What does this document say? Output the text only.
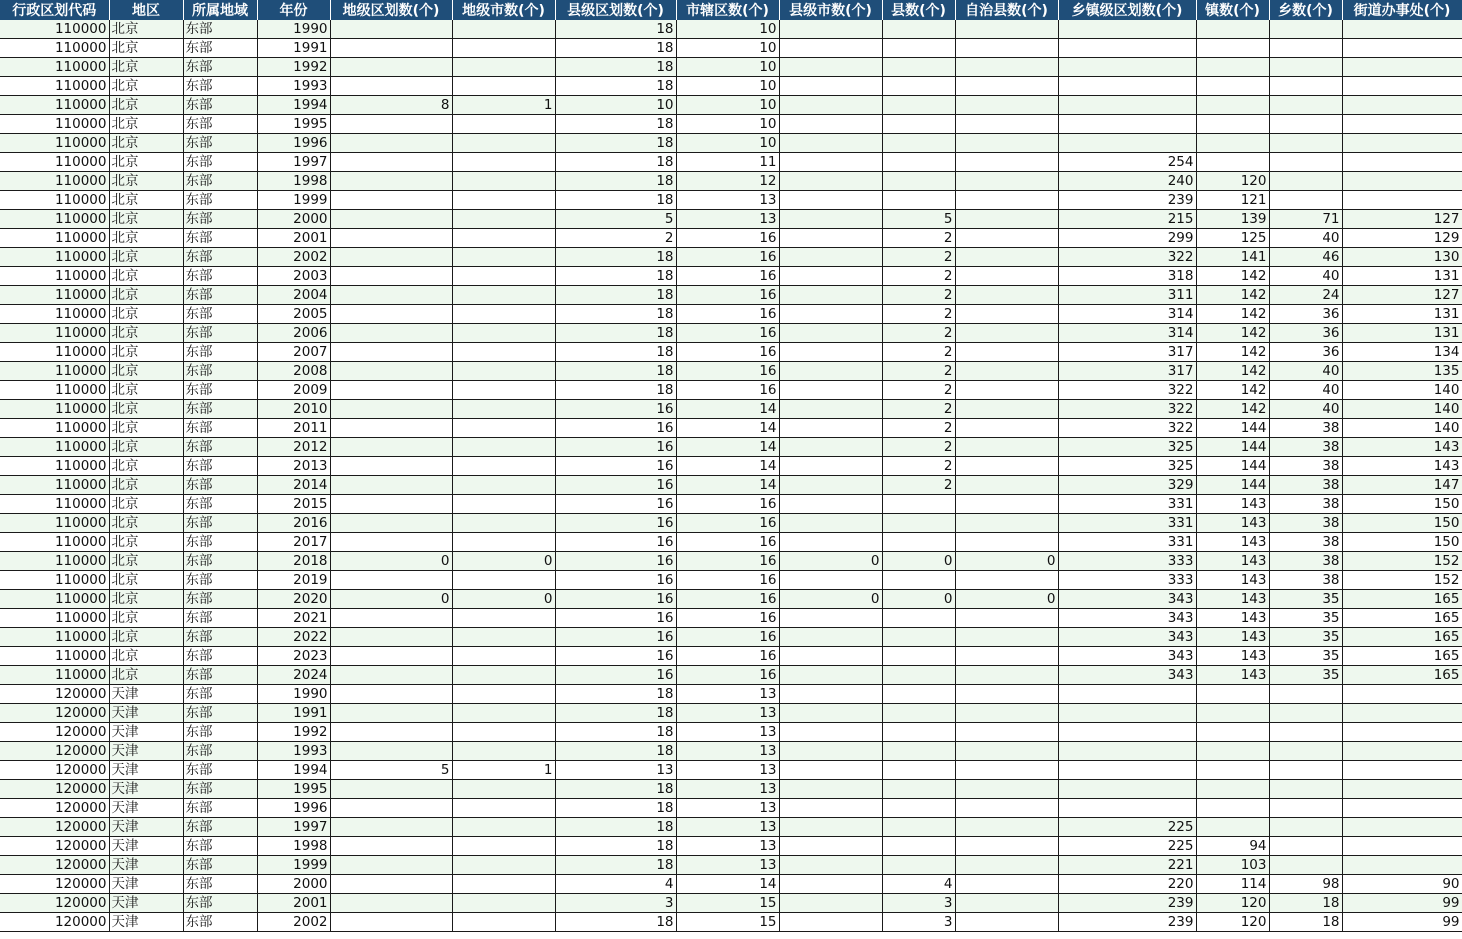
行政区划代码	地区	所属地域	年份	地级区划数(个)	地级市数(个)	县级区划数(个)	市辖区数(个)	县级市数(个)	县数(个)	自治县数(个)	乡镇级区划数(个)	镇数(个)	乡数(个)	街道办事处(个)
110000	北京	东部	1990			18	10							
110000	北京	东部	1991			18	10							
110000	北京	东部	1992			18	10							
110000	北京	东部	1993			18	10							
110000	北京	东部	1994	8	1	10	10							
110000	北京	东部	1995			18	10							
110000	北京	东部	1996			18	10							
110000	北京	东部	1997			18	11				254			
110000	北京	东部	1998			18	12				240	120		
110000	北京	东部	1999			18	13				239	121		
110000	北京	东部	2000			5	13		5		215	139	71	127
110000	北京	东部	2001			2	16		2		299	125	40	129
110000	北京	东部	2002			18	16		2		322	141	46	130
110000	北京	东部	2003			18	16		2		318	142	40	131
110000	北京	东部	2004			18	16		2		311	142	24	127
110000	北京	东部	2005			18	16		2		314	142	36	131
110000	北京	东部	2006			18	16		2		314	142	36	131
110000	北京	东部	2007			18	16		2		317	142	36	134
110000	北京	东部	2008			18	16		2		317	142	40	135
110000	北京	东部	2009			18	16		2		322	142	40	140
110000	北京	东部	2010			16	14		2		322	142	40	140
110000	北京	东部	2011			16	14		2		322	144	38	140
110000	北京	东部	2012			16	14		2		325	144	38	143
110000	北京	东部	2013			16	14		2		325	144	38	143
110000	北京	东部	2014			16	14		2		329	144	38	147
110000	北京	东部	2015			16	16				331	143	38	150
110000	北京	东部	2016			16	16				331	143	38	150
110000	北京	东部	2017			16	16				331	143	38	150
110000	北京	东部	2018	0	0	16	16	0	0	0	333	143	38	152
110000	北京	东部	2019			16	16				333	143	38	152
110000	北京	东部	2020	0	0	16	16	0	0	0	343	143	35	165
110000	北京	东部	2021			16	16				343	143	35	165
110000	北京	东部	2022			16	16				343	143	35	165
110000	北京	东部	2023			16	16				343	143	35	165
110000	北京	东部	2024			16	16				343	143	35	165
120000	天津	东部	1990			18	13							
120000	天津	东部	1991			18	13							
120000	天津	东部	1992			18	13							
120000	天津	东部	1993			18	13							
120000	天津	东部	1994	5	1	13	13							
120000	天津	东部	1995			18	13							
120000	天津	东部	1996			18	13							
120000	天津	东部	1997			18	13				225			
120000	天津	东部	1998			18	13				225	94		
120000	天津	东部	1999			18	13				221	103		
120000	天津	东部	2000			4	14		4		220	114	98	90
120000	天津	东部	2001			3	15		3		239	120	18	99
120000	天津	东部	2002			18	15		3		239	120	18	99
